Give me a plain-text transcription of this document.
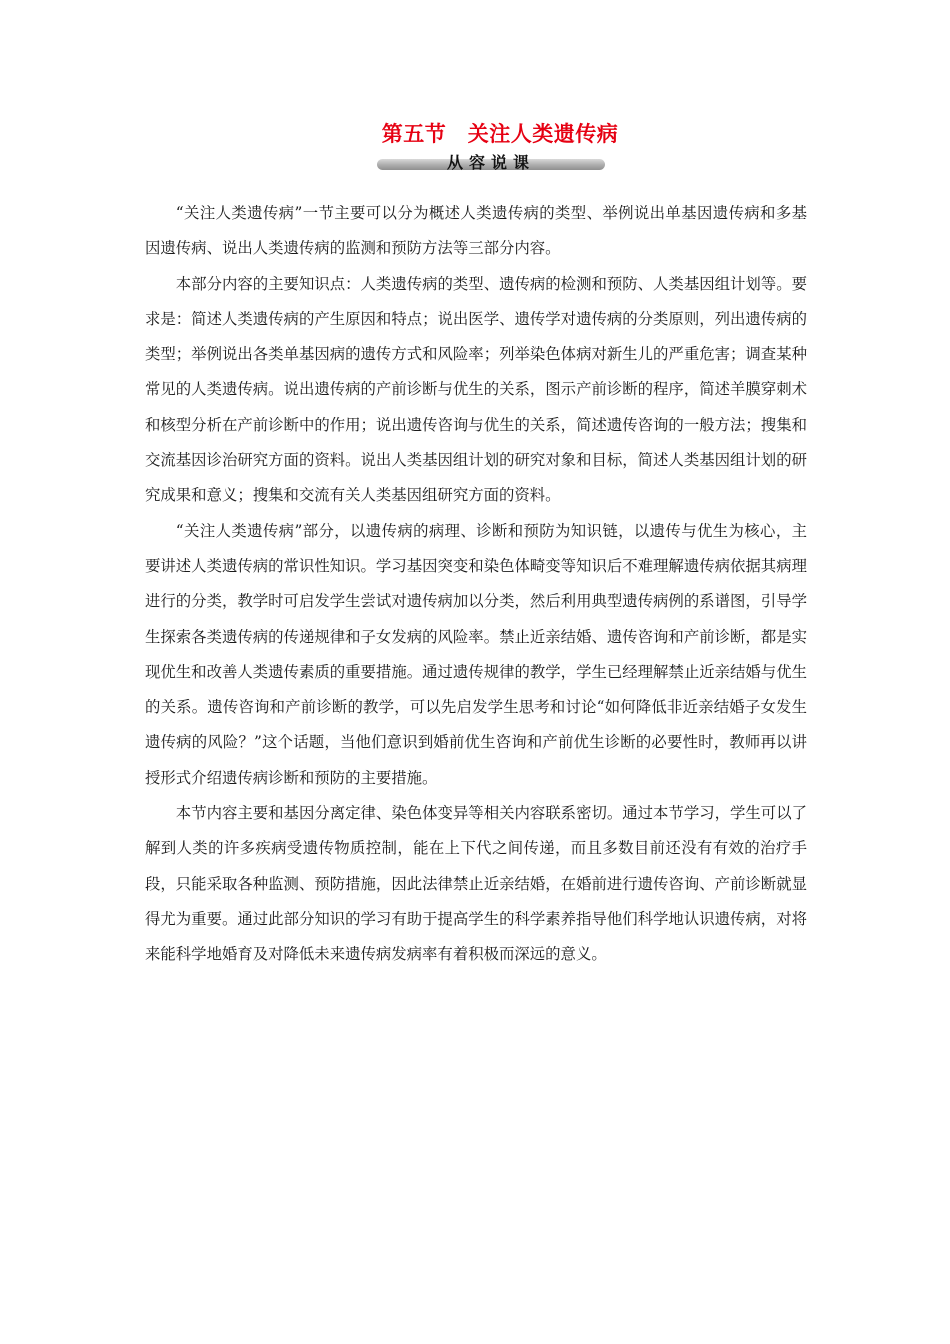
第五节　关注人类遗传病
从容说课

“关注人类遗传病”一节主要可以分为概述人类遗传病的类型、举例说出单基因遗传病和多基因遗传病、说出人类遗传病的监测和预防方法等三部分内容。

本部分内容的主要知识点：人类遗传病的类型、遗传病的检测和预防、人类基因组计划等。要求是：简述人类遗传病的产生原因和特点；说出医学、遗传学对遗传病的分类原则，列出遗传病的类型；举例说出各类单基因病的遗传方式和风险率；列举染色体病对新生儿的严重危害；调查某种常见的人类遗传病。说出遗传病的产前诊断与优生的关系，图示产前诊断的程序，简述羊膜穿刺术和核型分析在产前诊断中的作用；说出遗传咨询与优生的关系，简述遗传咨询的一般方法；搜集和交流基因诊治研究方面的资料。说出人类基因组计划的研究对象和目标，简述人类基因组计划的研究成果和意义；搜集和交流有关人类基因组研究方面的资料。

“关注人类遗传病”部分，以遗传病的病理、诊断和预防为知识链，以遗传与优生为核心，主要讲述人类遗传病的常识性知识。学习基因突变和染色体畸变等知识后不难理解遗传病依据其病理进行的分类，教学时可启发学生尝试对遗传病加以分类，然后利用典型遗传病例的系谱图，引导学生探索各类遗传病的传递规律和子女发病的风险率。禁止近亲结婚、遗传咨询和产前诊断，都是实现优生和改善人类遗传素质的重要措施。通过遗传规律的教学，学生已经理解禁止近亲结婚与优生的关系。遗传咨询和产前诊断的教学，可以先启发学生思考和讨论“如何降低非近亲结婚子女发生遗传病的风险？”这个话题，当他们意识到婚前优生咨询和产前优生诊断的必要性时，教师再以讲授形式介绍遗传病诊断和预防的主要措施。

本节内容主要和基因分离定律、染色体变异等相关内容联系密切。通过本节学习，学生可以了解到人类的许多疾病受遗传物质控制，能在上下代之间传递，而且多数目前还没有有效的治疗手段，只能采取各种监测、预防措施，因此法律禁止近亲结婚，在婚前进行遗传咨询、产前诊断就显得尤为重要。通过此部分知识的学习有助于提高学生的科学素养指导他们科学地认识遗传病，对将来能科学地婚育及对降低未来遗传病发病率有着积极而深远的意义。
